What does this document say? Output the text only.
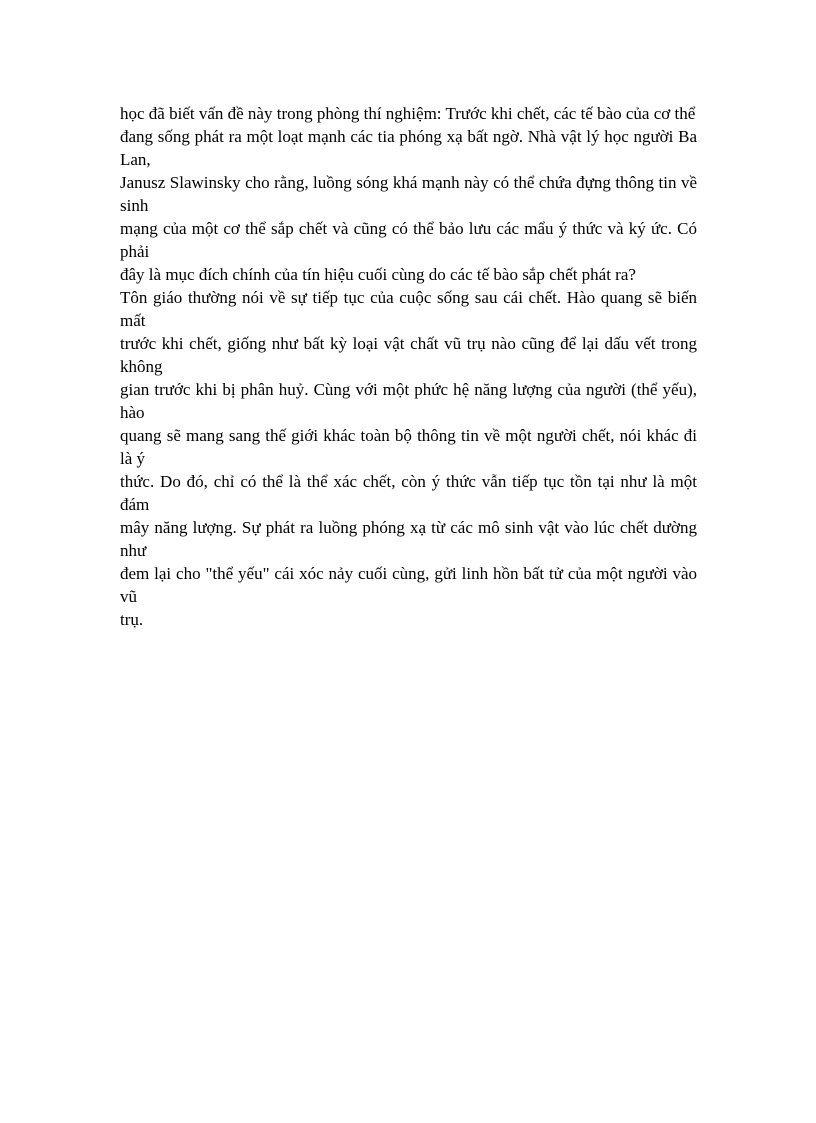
học đã biết vấn đề này trong phòng thí nghiệm: Trước khi chết, các tế bào của cơ thể

đang sống phát ra một loạt mạnh các tia phóng xạ bất ngờ. Nhà vật lý học người Ba Lan,

Janusz Slawinsky cho rằng, luồng sóng khá mạnh này có thể chứa đựng thông tin về sinh

mạng của một cơ thể sắp chết và cũng có thể bảo lưu các mẩu ý thức và ký ức. Có phải

đây là mục đích chính của tín hiệu cuối cùng do các tế bào sắp chết phát ra?

Tôn giáo thường nói về sự tiếp tục của cuộc sống sau cái chết. Hào quang sẽ biến mất

trước khi chết, giống như bất kỳ loại vật chất vũ trụ nào cũng để lại dấu vết trong không

gian trước khi bị phân huỷ. Cùng với một phức hệ năng lượng của người (thể yếu), hào

quang sẽ mang sang thế giới khác toàn bộ thông tin về một người chết, nói khác đi là ý

thức. Do đó, chỉ có thể là thể xác chết, còn ý thức vẫn tiếp tục tồn tại như là một đám

mây năng lượng. Sự phát ra luồng phóng xạ từ các mô sinh vật vào lúc chết dường như

đem lại cho "thể yếu" cái xóc nảy cuối cùng, gửi linh hồn bất tử của một người vào vũ

trụ.
